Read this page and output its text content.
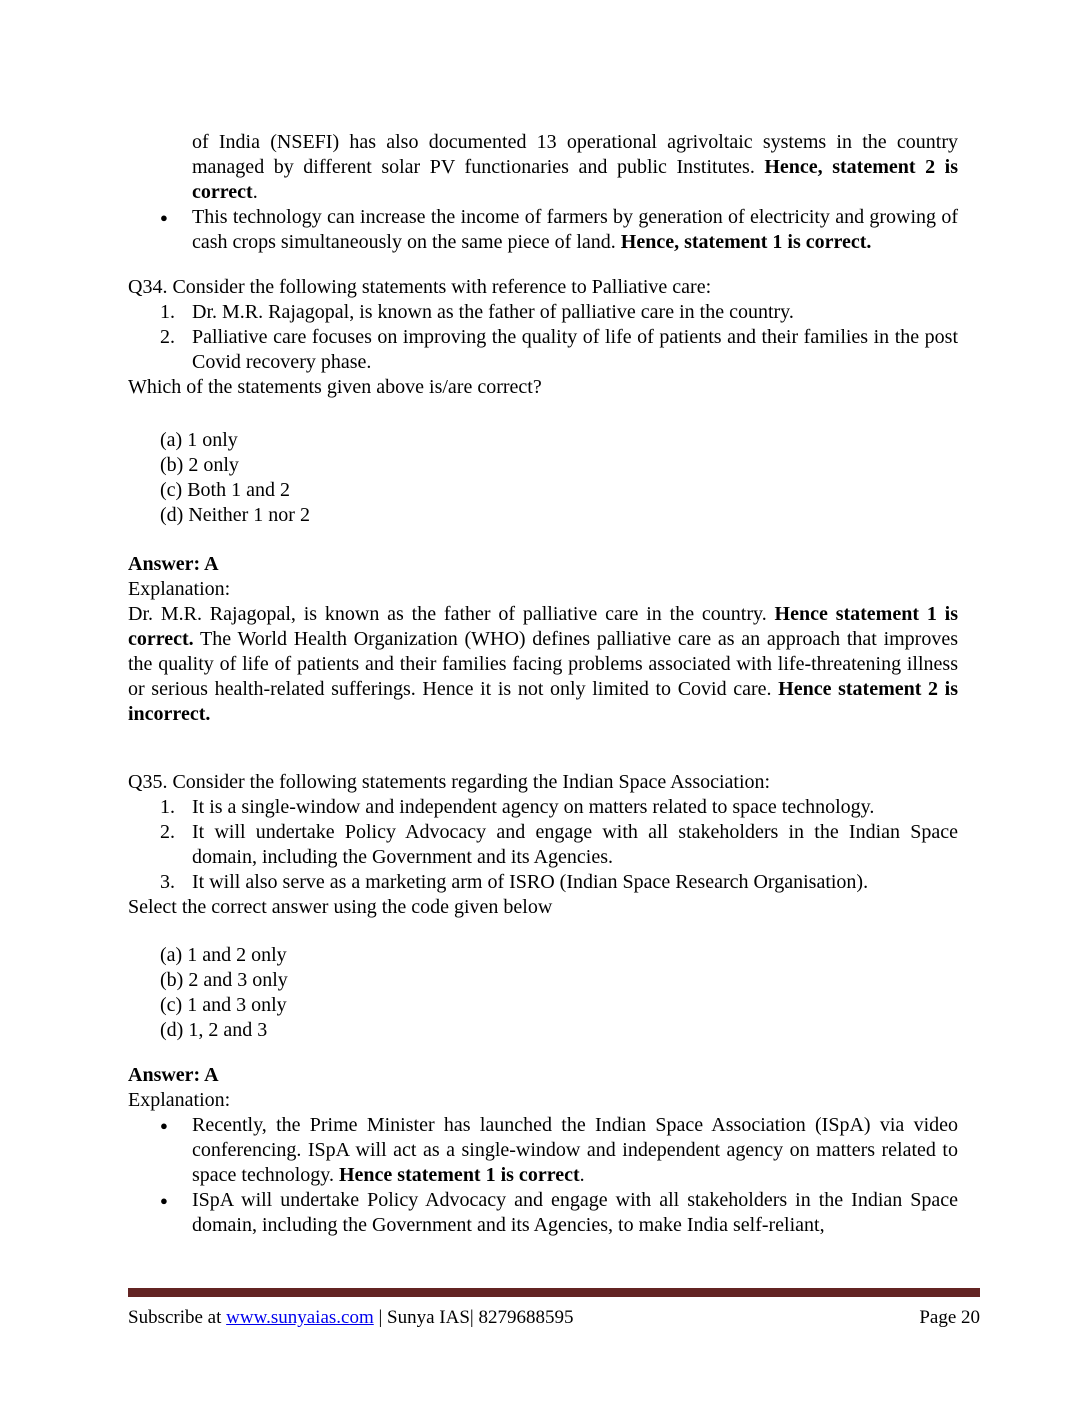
of India (NSEFI) has also documented 13 operational agrivoltaic systems in the country managed by different solar PV functionaries and public Institutes. Hence, statement 2 is correct.
●	This technology can increase the income of farmers by generation of electricity and growing of cash crops simultaneously on the same piece of land. Hence, statement 1 is correct.
Q34. Consider the following statements with reference to Palliative care:
1. Dr. M.R. Rajagopal, is known as the father of palliative care in the country.
2. Palliative care focuses on improving the quality of life of patients and their families in the post Covid recovery phase.
Which of the statements given above is/are correct?
(a) 1 only
(b) 2 only
(c) Both 1 and 2
(d) Neither 1 nor 2
Answer: A
Explanation:
Dr. M.R. Rajagopal, is known as the father of palliative care in the country. Hence statement 1 is correct. The World Health Organization (WHO) defines palliative care as an approach that improves the quality of life of patients and their families facing problems associated with life-threatening illness or serious health-related sufferings. Hence it is not only limited to Covid care. Hence statement 2 is incorrect.
Q35. Consider the following statements regarding the Indian Space Association:
1. It is a single-window and independent agency on matters related to space technology.
2. It will undertake Policy Advocacy and engage with all stakeholders in the Indian Space domain, including the Government and its Agencies.
3. It will also serve as a marketing arm of ISRO (Indian Space Research Organisation).
Select the correct answer using the code given below
(a) 1 and 2 only
(b) 2 and 3 only
(c) 1 and 3 only
(d) 1, 2 and 3
Answer: A
Explanation:
●	Recently, the Prime Minister has launched the Indian Space Association (ISpA) via video conferencing. ISpA will act as a single-window and independent agency on matters related to space technology. Hence statement 1 is correct.
●	ISpA will undertake Policy Advocacy and engage with all stakeholders in the Indian Space domain, including the Government and its Agencies, to make India self-reliant,
Subscribe at www.sunyaias.com | Sunya IAS| 8279688595	Page 20
